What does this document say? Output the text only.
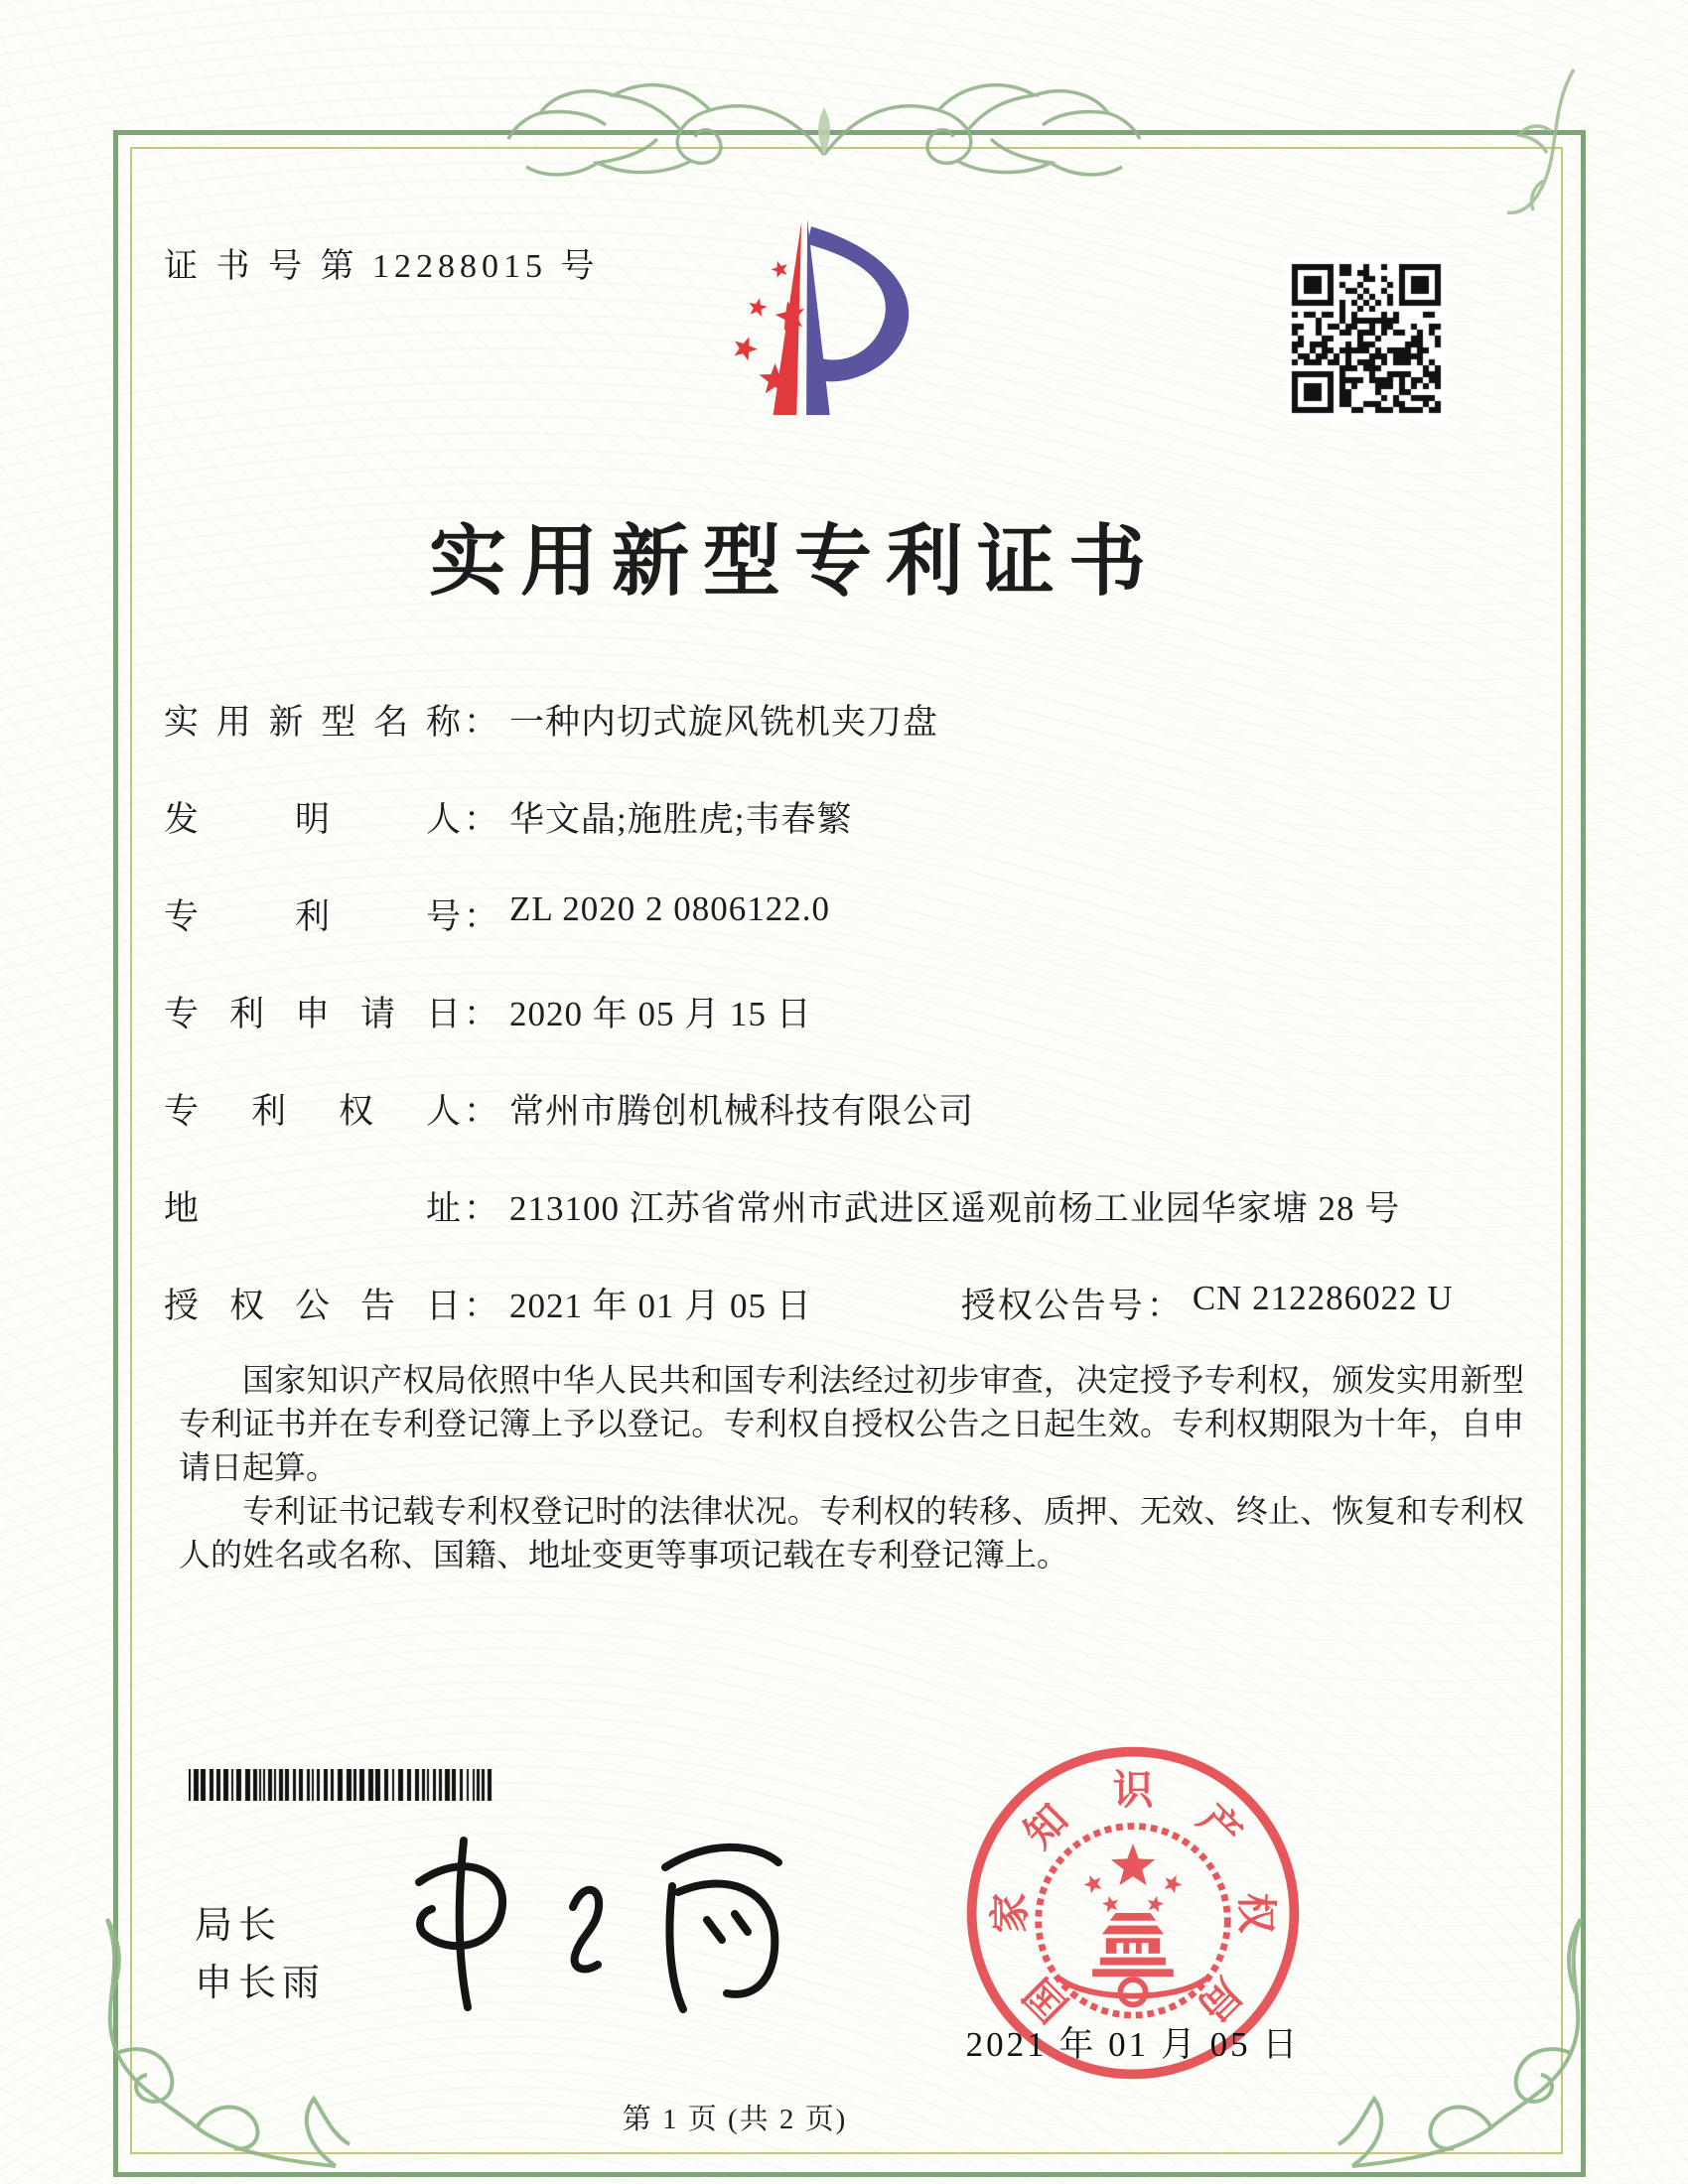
证 书 号 第 12288015 号
实用新型专利证书
实用新型名称 ： 一种内切式旋风铣机夹刀盘
发明人 ： 华文晶;施胜虎;韦春繁
专利号 ： ZL 2020 2 0806122.0
专利申请日 ： 2020 年 05 月 15 日
专利权人 ： 常州市腾创机械科技有限公司
地址 ： 213100 江苏省常州市武进区遥观前杨工业园华家塘 28 号
授权公告日 ： 2021 年 01 月 05 日	授权公告号 ： CN 212286022 U

国家知识产权局依照中华人民共和国专利法经过初步审查，决定授予专利权，颁发实用新型专利证书并在专利登记簿上予以登记。专利权自授权公告之日起生效。专利权期限为十年，自申请日起算。

专利证书记载专利权登记时的法律状况。专利权的转移、质押、无效、终止、恢复和专利权人的姓名或名称、国籍、地址变更等事项记载在专利登记簿上。

局长
申长雨	国
家
知
识
产
权
局
2021 年 01 月 05 日
第 1 页 (共 2 页)
